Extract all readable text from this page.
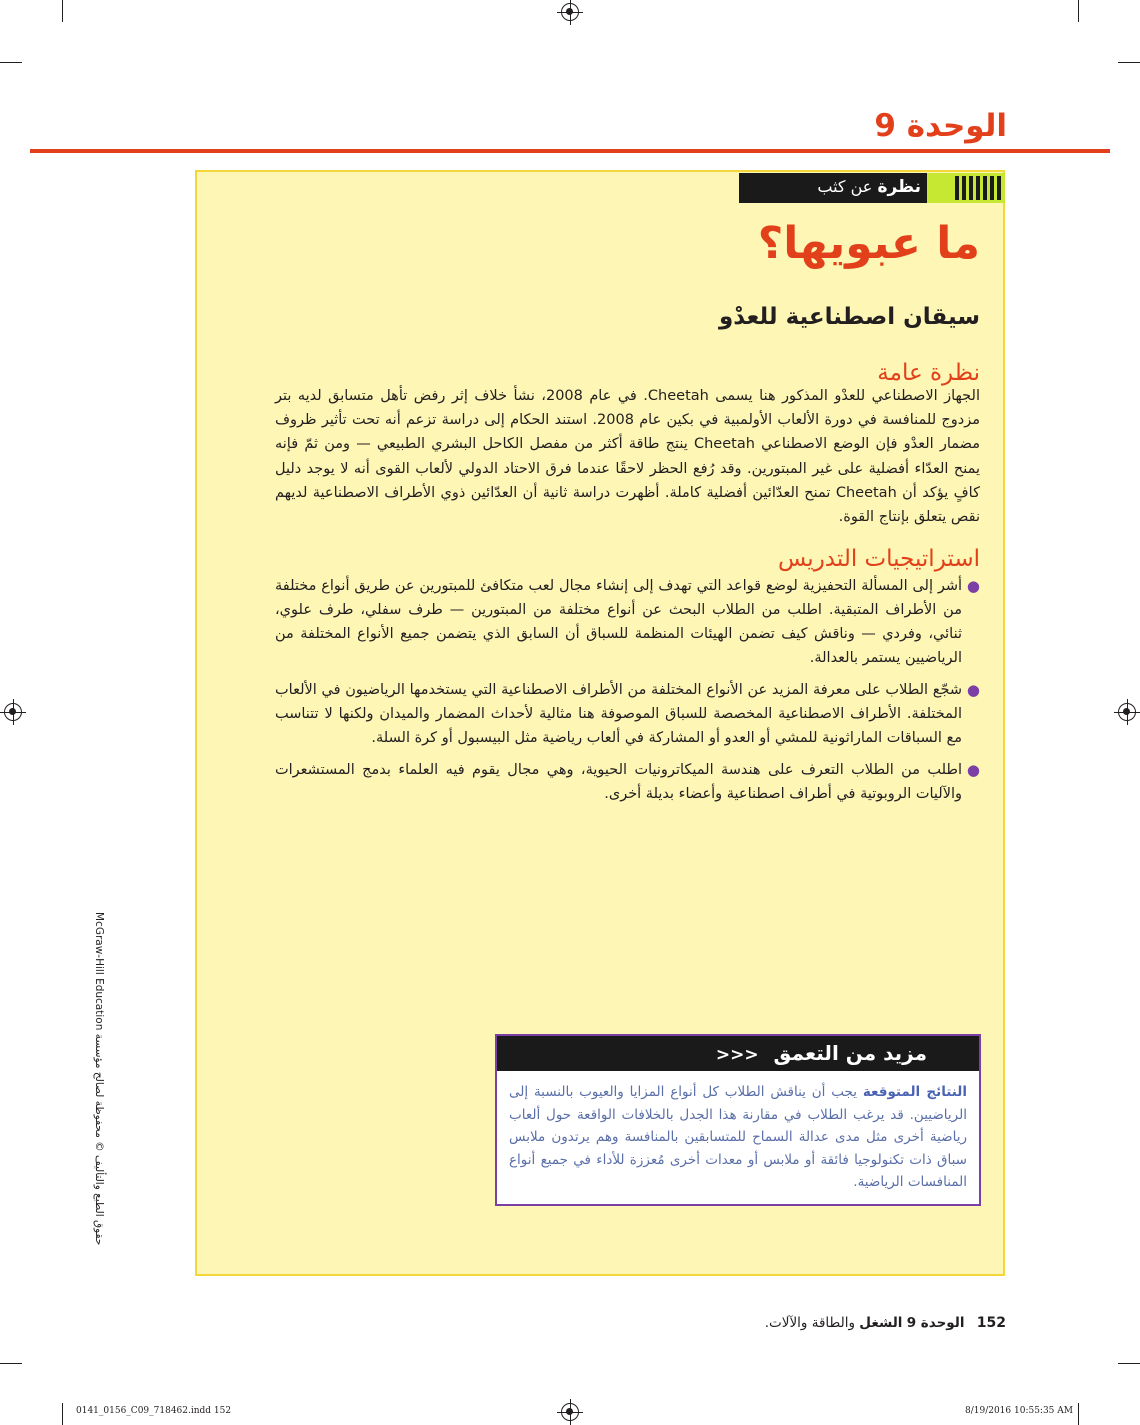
الوحدة 9
نظرة عن كثب
ما عبويها؟
سيقان اصطناعية للعدْو
نظرة عامة

الجهاز الاصطناعي للعدْو المذكور هنا يسمى Cheetah. في عام 2008، نشأ خلاف إثر رفض تأهل متسابق لديه بتر مزدوج للمنافسة في دورة الألعاب الأولمبية في بكين عام 2008. استند الحكام إلى دراسة تزعم أنه تحت تأثير ظروف مضمار العدْو فإن الوضع الاصطناعي Cheetah ينتج طاقة أكثر من مفصل الكاحل البشري الطبيعي — ومن ثمّ فإنه يمنح العدّاء أفضلية على غير المبتورين. وقد رُفع الحظر لاحقًا عندما فرق الاحتاد الدولي لألعاب القوى أنه لا يوجد دليل كافٍ يؤكد أن Cheetah تمنح العدّائين أفضلية كاملة. أظهرت دراسة ثانية أن العدّائين ذوي الأطراف الاصطناعية لديهم نقص يتعلق بإنتاج القوة.

استراتيجيات التدريس
●
أشر إلى المسألة التحفيزية لوضع قواعد التي تهدف إلى إنشاء مجال لعب متكافئ للمبتورين عن طريق أنواع مختلفة من الأطراف المتبقية. اطلب من الطلاب البحث عن أنواع مختلفة من المبتورين — طرف سفلي، طرف علوي، ثنائي، وفردي — وناقش كيف تضمن الهيئات المنظمة للسباق أن السابق الذي يتضمن جميع الأنواع المختلفة من الرياضيين يستمر بالعدالة.
●
شجّع الطلاب على معرفة المزيد عن الأنواع المختلفة من الأطراف الاصطناعية التي يستخدمها الرياضيون في الألعاب المختلفة. الأطراف الاصطناعية المخصصة للسباق الموصوفة هنا مثالية لأحداث المضمار والميدان ولكنها لا تتناسب مع السباقات الماراثونية للمشي أو العدو أو المشاركة في ألعاب رياضية مثل البيسبول أو كرة السلة.
●
اطلب من الطلاب التعرف على هندسة الميكاترونيات الحيوية، وهي مجال يقوم فيه العلماء بدمج المستشعرات والآليات الروبوتية في أطراف اصطناعية وأعضاء بديلة أخرى.
مزيد من التعمق <<<

النتائج المتوقعة يجب أن يناقش الطلاب كل أنواع المزايا والعيوب بالنسبة إلى الرياضيين. قد يرغب الطلاب في مقارنة هذا الجدل بالخلافات الواقعة حول ألعاب رياضية أخرى مثل مدى عدالة السماح للمتسابقين بالمنافسة وهم يرتدون ملابس سباق ذات تكنولوجيا فائقة أو ملابس أو معدات أخرى مُعززة للأداء في جميع أنواع المنافسات الرياضية.

حقوق الطبع والتأليف © محفوظة لصالح مؤسسة McGraw-Hill Education
152 الوحدة 9 الشغل والطاقة والآلات.
0141_0156_C09_718462.indd 152	8/19/2016 10:55:35 AM
